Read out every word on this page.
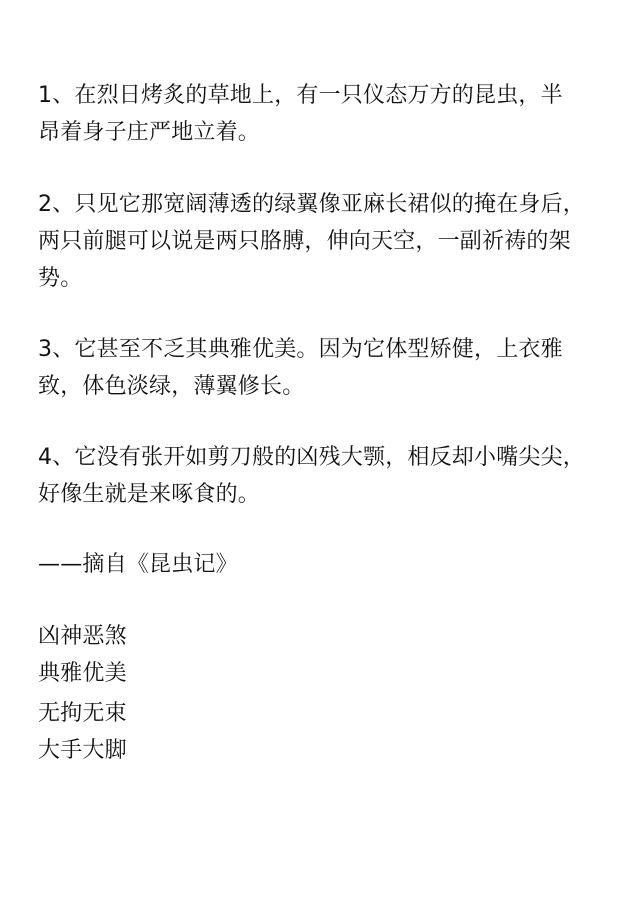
1、在烈日烤炙的草地上，有一只仪态万方的昆虫，半
昂着身子庄严地立着。

2、只见它那宽阔薄透的绿翼像亚麻长裙似的掩在身后，
两只前腿可以说是两只胳膊，伸向天空，一副祈祷的架
势。

3、它甚至不乏其典雅优美。因为它体型矫健，上衣雅
致，体色淡绿，薄翼修长。

4、它没有张开如剪刀般的凶残大颚，相反却小嘴尖尖，
好像生就是来啄食的。

——摘自《昆虫记》

凶神恶煞
典雅优美

无拘无束
大手大脚
